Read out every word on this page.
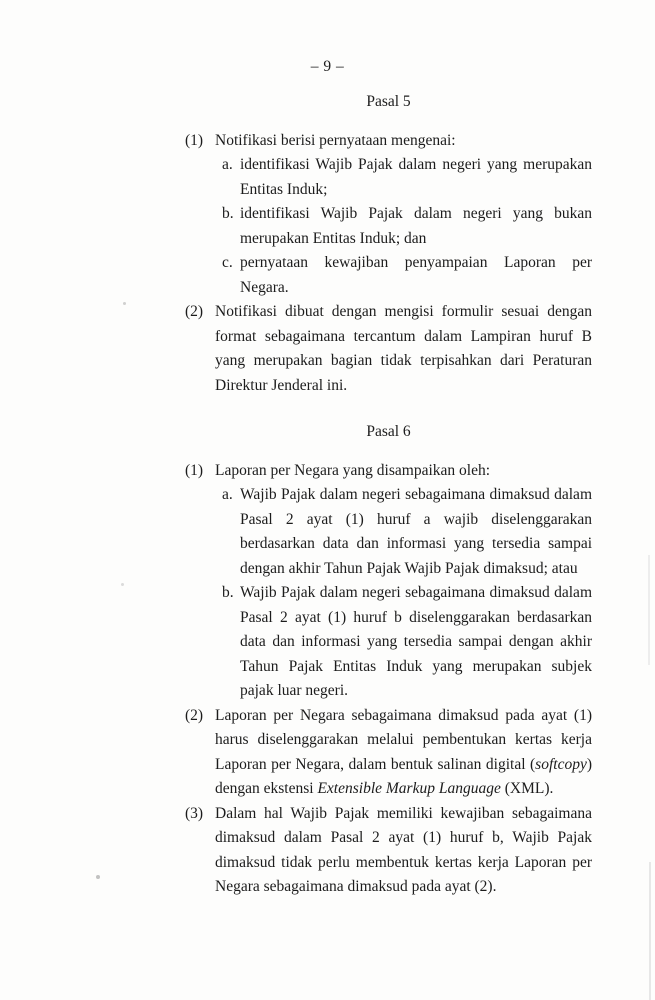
– 9 –
Pasal 5
(1) Notifikasi berisi pernyataan mengenai:
a. identifikasi Wajib Pajak dalam negeri yang merupakan Entitas Induk;
b. identifikasi Wajib Pajak dalam negeri yang bukan merupakan Entitas Induk; dan
c. pernyataan kewajiban penyampaian Laporan per Negara.
(2) Notifikasi dibuat dengan mengisi formulir sesuai dengan format sebagaimana tercantum dalam Lampiran huruf B yang merupakan bagian tidak terpisahkan dari Peraturan Direktur Jenderal ini.
Pasal 6
(1) Laporan per Negara yang disampaikan oleh:
a. Wajib Pajak dalam negeri sebagaimana dimaksud dalam Pasal 2 ayat (1) huruf a wajib diselenggarakan berdasarkan data dan informasi yang tersedia sampai dengan akhir Tahun Pajak Wajib Pajak dimaksud; atau
b. Wajib Pajak dalam negeri sebagaimana dimaksud dalam Pasal 2 ayat (1) huruf b diselenggarakan berdasarkan data dan informasi yang tersedia sampai dengan akhir Tahun Pajak Entitas Induk yang merupakan subjek pajak luar negeri.
(2) Laporan per Negara sebagaimana dimaksud pada ayat (1) harus diselenggarakan melalui pembentukan kertas kerja Laporan per Negara, dalam bentuk salinan digital (softcopy) dengan ekstensi Extensible Markup Language (XML).
(3) Dalam hal Wajib Pajak memiliki kewajiban sebagaimana dimaksud dalam Pasal 2 ayat (1) huruf b, Wajib Pajak dimaksud tidak perlu membentuk kertas kerja Laporan per Negara sebagaimana dimaksud pada ayat (2).
